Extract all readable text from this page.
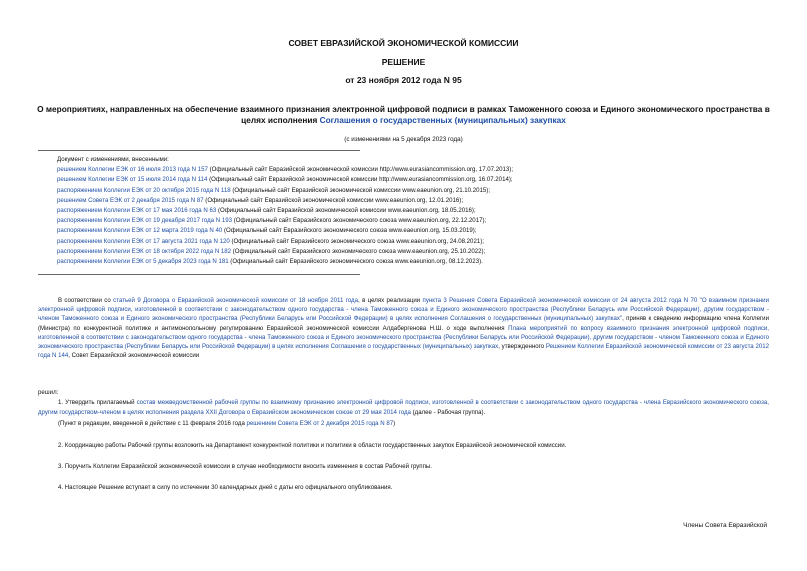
СОВЕТ ЕВРАЗИЙСКОЙ ЭКОНОМИЧЕСКОЙ КОМИССИИ
РЕШЕНИЕ
от 23 ноября 2012 года N 95
О мероприятиях, направленных на обеспечение взаимного признания электронной цифровой подписи в рамках Таможенного союза и Единого экономического пространства в целях исполнения Соглашения о государственных (муниципальных) закупках
(с изменениями на 5 декабря 2023 года)
Документ с изменениями, внесенными:
решением Коллегии ЕЭК от 16 июля 2013 года N 157 (Официальный сайт Евразийской экономической комиссии http://www.eurasiancommission.org, 17.07.2013);
решением Коллегии ЕЭК от 15 июля 2014 года N 114 (Официальный сайт Евразийской экономической комиссии http://www.eurasiancommission.org, 16.07.2014);
распоряжением Коллегии ЕЭК от 20 октября 2015 года N 118 (Официальный сайт Евразийской экономической комиссии www.eaeunion.org, 21.10.2015);
решением Совета ЕЭК от 2 декабря 2015 года N 87 (Официальный сайт Евразийской экономической комиссии www.eaeunion.org, 12.01.2016);
распоряжением Коллегии ЕЭК от 17 мая 2016 года N 63 (Официальный сайт Евразийской экономической комиссии www.eaeunion.org, 18.05.2016);
распоряжением Коллегии ЕЭК от 19 декабря 2017 года N 193 (Официальный сайт Евразийского экономического союза www.eaeunion.org, 22.12.2017);
распоряжением Коллегии ЕЭК от 12 марта 2019 года N 40 (Официальный сайт Евразийского экономического союза www.eaeunion.org, 15.03.2019);
распоряжением Коллегии ЕЭК от 17 августа 2021 года N 120 (Официальный сайт Евразийского экономического союза www.eaeunion.org, 24.08.2021);
распоряжением Коллегии ЕЭК от 18 октября 2022 года N 182 (Официальный сайт Евразийского экономического союза www.eaeunion.org, 25.10.2022);
распоряжением Коллегии ЕЭК от 5 декабря 2023 года N 181 (Официальный сайт Евразийского экономического союза www.eaeunion.org, 08.12.2023).
В соответствии со статьей 9 Договора о Евразийской экономической комиссии от 18 ноября 2011 года, в целях реализации пункта 3 Решения Совета Евразийской экономической комиссии от 24 августа 2012 года N 70 "О взаимном признании электронной цифровой подписи, изготовленной в соответствии с законодательством одного государства - члена Таможенного союза и Единого экономического пространства (Республики Беларусь или Российской Федерации), другим государством - членом Таможенного союза и Единого экономического пространства (Республики Беларусь или Российской Федерации) в целях исполнения Соглашения о государственных (муниципальных) закупках", приняв к сведению информацию члена Коллегии (Министра) по конкурентной политике и антимонопольному регулированию Евразийской экономической комиссии Алдабергенова Н.Ш. о ходе выполнения Плана мероприятий по вопросу взаимного признания электронной цифровой подписи, изготовленной в соответствии с законодательством одного государства - члена Таможенного союза и Единого экономического пространства (Республики Беларусь или Российской Федерации), другим государством - членом Таможенного союза и Единого экономического пространства (Республики Беларусь или Российской Федерации) в целях исполнения Соглашения о государственных (муниципальных) закупках, утвержденного Решением Коллегии Евразийской экономической комиссии от 23 августа 2012 года N 144, Совет Евразийской экономической комиссии
решил:
1. Утвердить прилагаемый состав межведомственной рабочей группы по взаимному признанию электронной цифровой подписи, изготовленной в соответствии с законодательством одного государства - члена Евразийского экономического союза, другим государством-членом в целях исполнения раздела XXII Договора о Евразийском экономическом союзе от 29 мая 2014 года (далее - Рабочая группа).
(Пункт в редакции, введенной в действие с 11 февраля 2016 года решением Совета ЕЭК от 2 декабря 2015 года N 87)
2. Координацию работы Рабочей группы возложить на Департамент конкурентной политики и политики в области государственных закупок Евразийской экономической комиссии.
3. Поручить Коллегии Евразийской экономической комиссии в случае необходимости вносить изменения в состав Рабочей группы.
4. Настоящее Решение вступает в силу по истечении 30 календарных дней с даты его официального опубликования.
Члены Совета Евразийской
